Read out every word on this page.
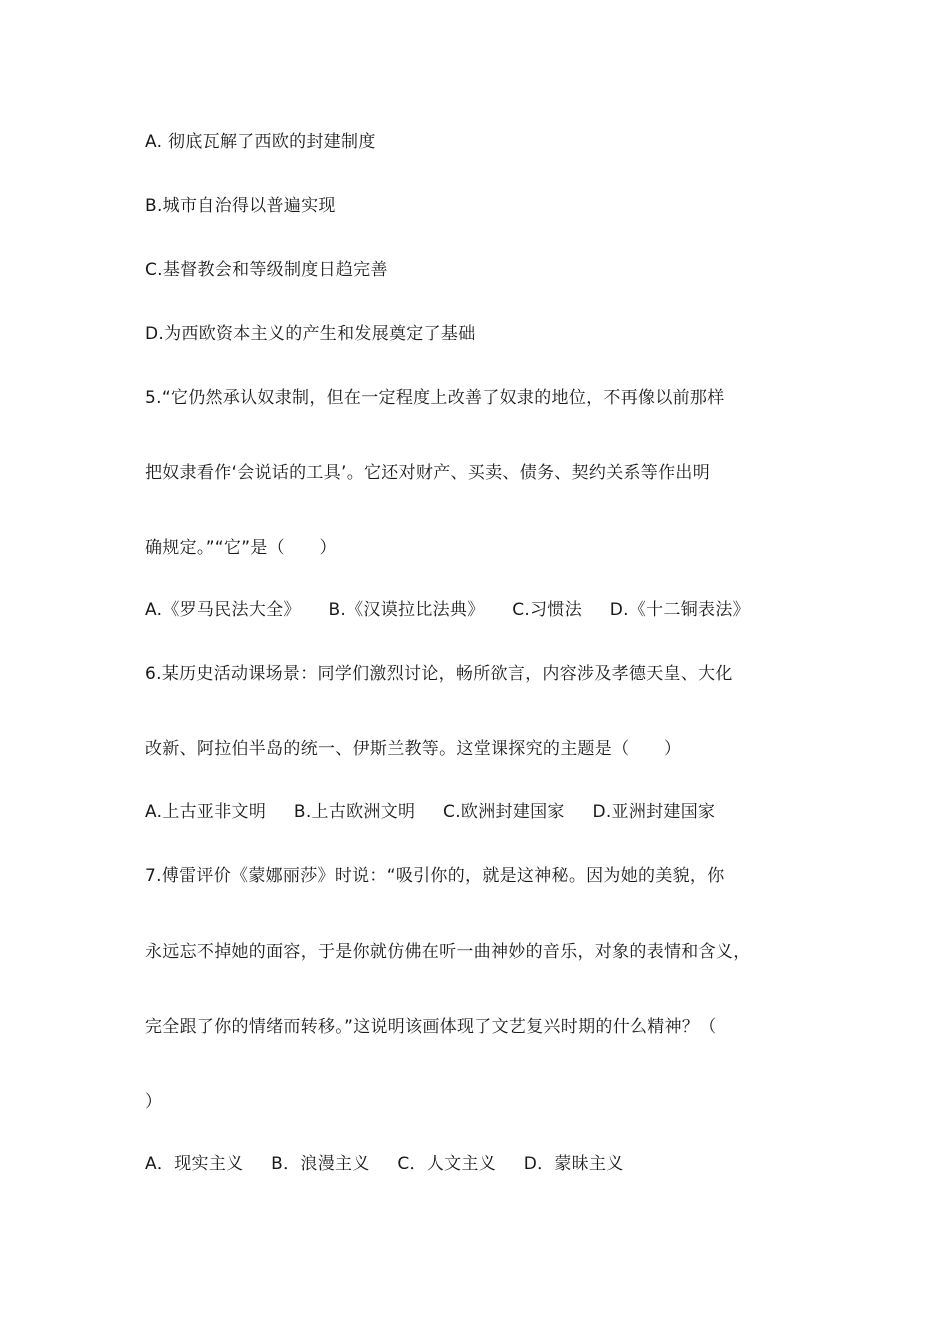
A. 彻底瓦解了西欧的封建制度
B.城市自治得以普遍实现
C.基督教会和等级制度日趋完善
D.为西欧资本主义的产生和发展奠定了基础
5.“它仍然承认奴隶制，但在一定程度上改善了奴隶的地位，不再像以前那样
把奴隶看作‘会说话的工具’。它还对财产、买卖、债务、契约关系等作出明
确规定。”“它”是（　　）
A.《罗马民法大全》 B.《汉谟拉比法典》 C.习惯法 D.《十二铜表法》
6.某历史活动课场景：同学们激烈讨论，畅所欲言，内容涉及孝德天皇、大化
改新、阿拉伯半岛的统一、伊斯兰教等。这堂课探究的主题是（　　）
A.上古亚非文明 B.上古欧洲文明 C.欧洲封建国家 D.亚洲封建国家
7.傅雷评价《蒙娜丽莎》时说：“吸引你的，就是这神秘。因为她的美貌，你
永远忘不掉她的面容，于是你就仿佛在听一曲神妙的音乐，对象的表情和含义，
完全跟了你的情绪而转移。”这说明该画体现了文艺复兴时期的什么精神？（
）
A．现实主义 B．浪漫主义 C．人文主义 D．蒙昧主义
